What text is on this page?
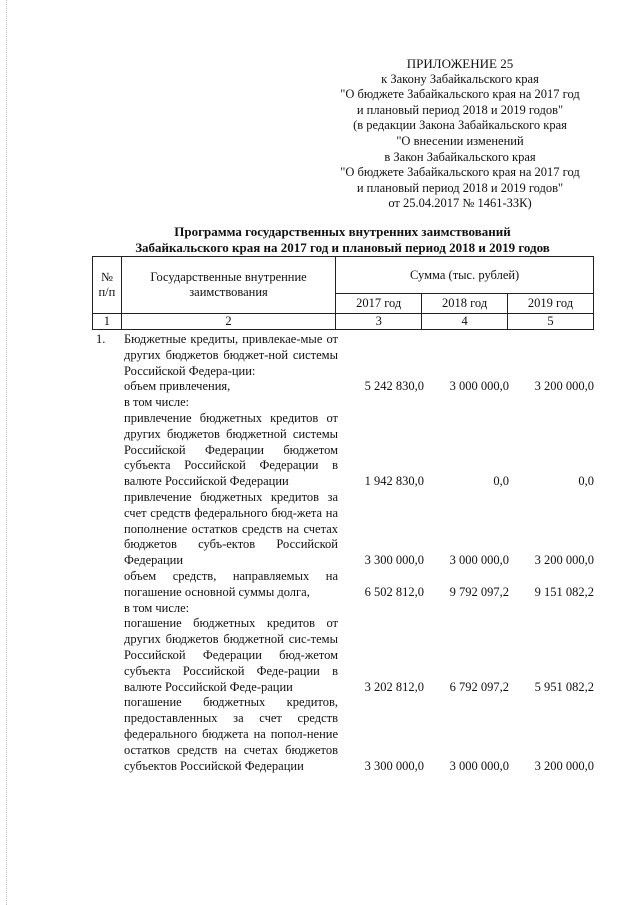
ПРИЛОЖЕНИЕ 25
к Закону Забайкальского края
"О бюджете Забайкальского края на 2017 год
и плановый период 2018 и 2019 годов"
(в редакции Закона Забайкальского края
"О внесении изменений
в Закон Забайкальского края
"О бюджете Забайкальского края на 2017 год
и плановый период 2018 и 2019 годов"
от 25.04.2017 № 1461-ЗЗК)
Программа государственных внутренних заимствований
Забайкальского края на 2017 год и плановый период 2018 и 2019 годов
№ п/п	Государственные внутренние заимствования	Сумма (тыс. рублей)		
		2017 год	2018 год	2019 год
1	2	3	4	5
1. Бюджетные кредиты, привлекае-мые от других бюджетов бюджет-ной системы Российской Федера-ции:
объем привлечения,	5 242 830,0	3 000 000,0	3 200 000,0
в том числе:
привлечение бюджетных кредитов от других бюджетов бюджетной системы Российской Федерации бюджетом субъекта Российской Федерации в валюте Российской Федерации	1 942 830,0	0,0	0,0
привлечение бюджетных кредитов за счет средств федерального бюд-жета на пополнение остатков средств на счетах бюджетов субъ-ектов Российской Федерации	3 300 000,0	3 000 000,0	3 200 000,0
объем средств, направляемых на погашение основной суммы долга,	6 502 812,0	9 792 097,2	9 151 082,2
в том числе:
погашение бюджетных кредитов от других бюджетов бюджетной сис-темы Российской Федерации бюд-жетом субъекта Российской Феде-рации в валюте Российской Феде-рации	3 202 812,0	6 792 097,2	5 951 082,2
погашение бюджетных кредитов, предоставленных за счет средств федерального бюджета на попол-нение остатков средств на счетах бюджетов субъектов Российской Федерации	3 300 000,0	3 000 000,0	3 200 000,0
